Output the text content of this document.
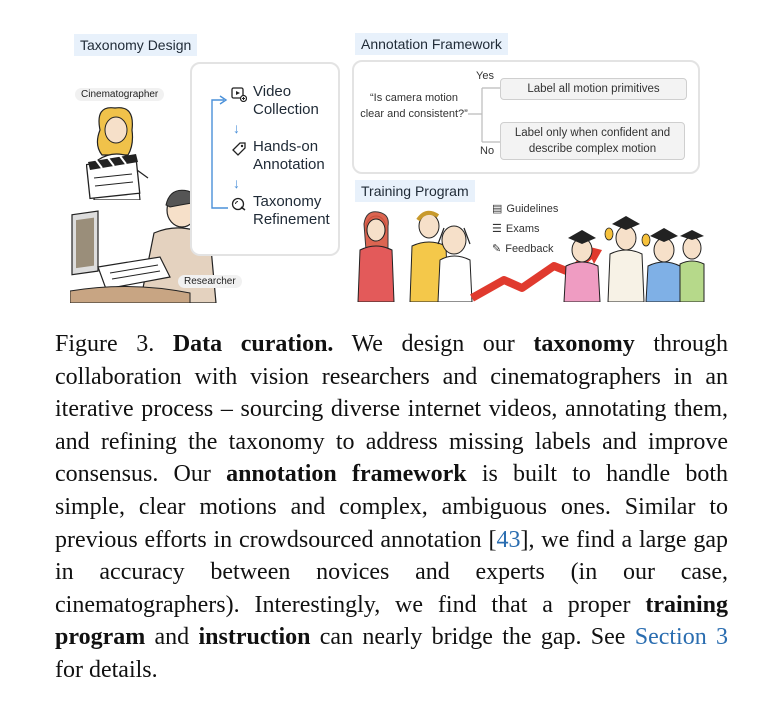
Taxonomy Design
Cinematographer
Researcher
Video
Collection
↓
Hands-on
Annotation
↓
Taxonomy
Refinement
Annotation Framework
“Is camera motion clear and consistent?”
Yes
No
Label all motion primitives
Label only when confident and describe complex motion
Training Program
▤ Guidelines
☰ Exams
✎ Feedback
Figure 3. Data curation. We design our taxonomy through collaboration with vision researchers and cinematographers in an iterative process – sourcing diverse internet videos, annotating them, and refining the taxonomy to address missing labels and improve consensus. Our annotation framework is built to handle both simple, clear motions and complex, ambiguous ones. Similar to previous efforts in crowdsourced annotation [43], we find a large gap in accuracy between novices and experts (in our case, cinematographers). Interestingly, we find that a proper training program and instruction can nearly bridge the gap. See Section 3 for details.
